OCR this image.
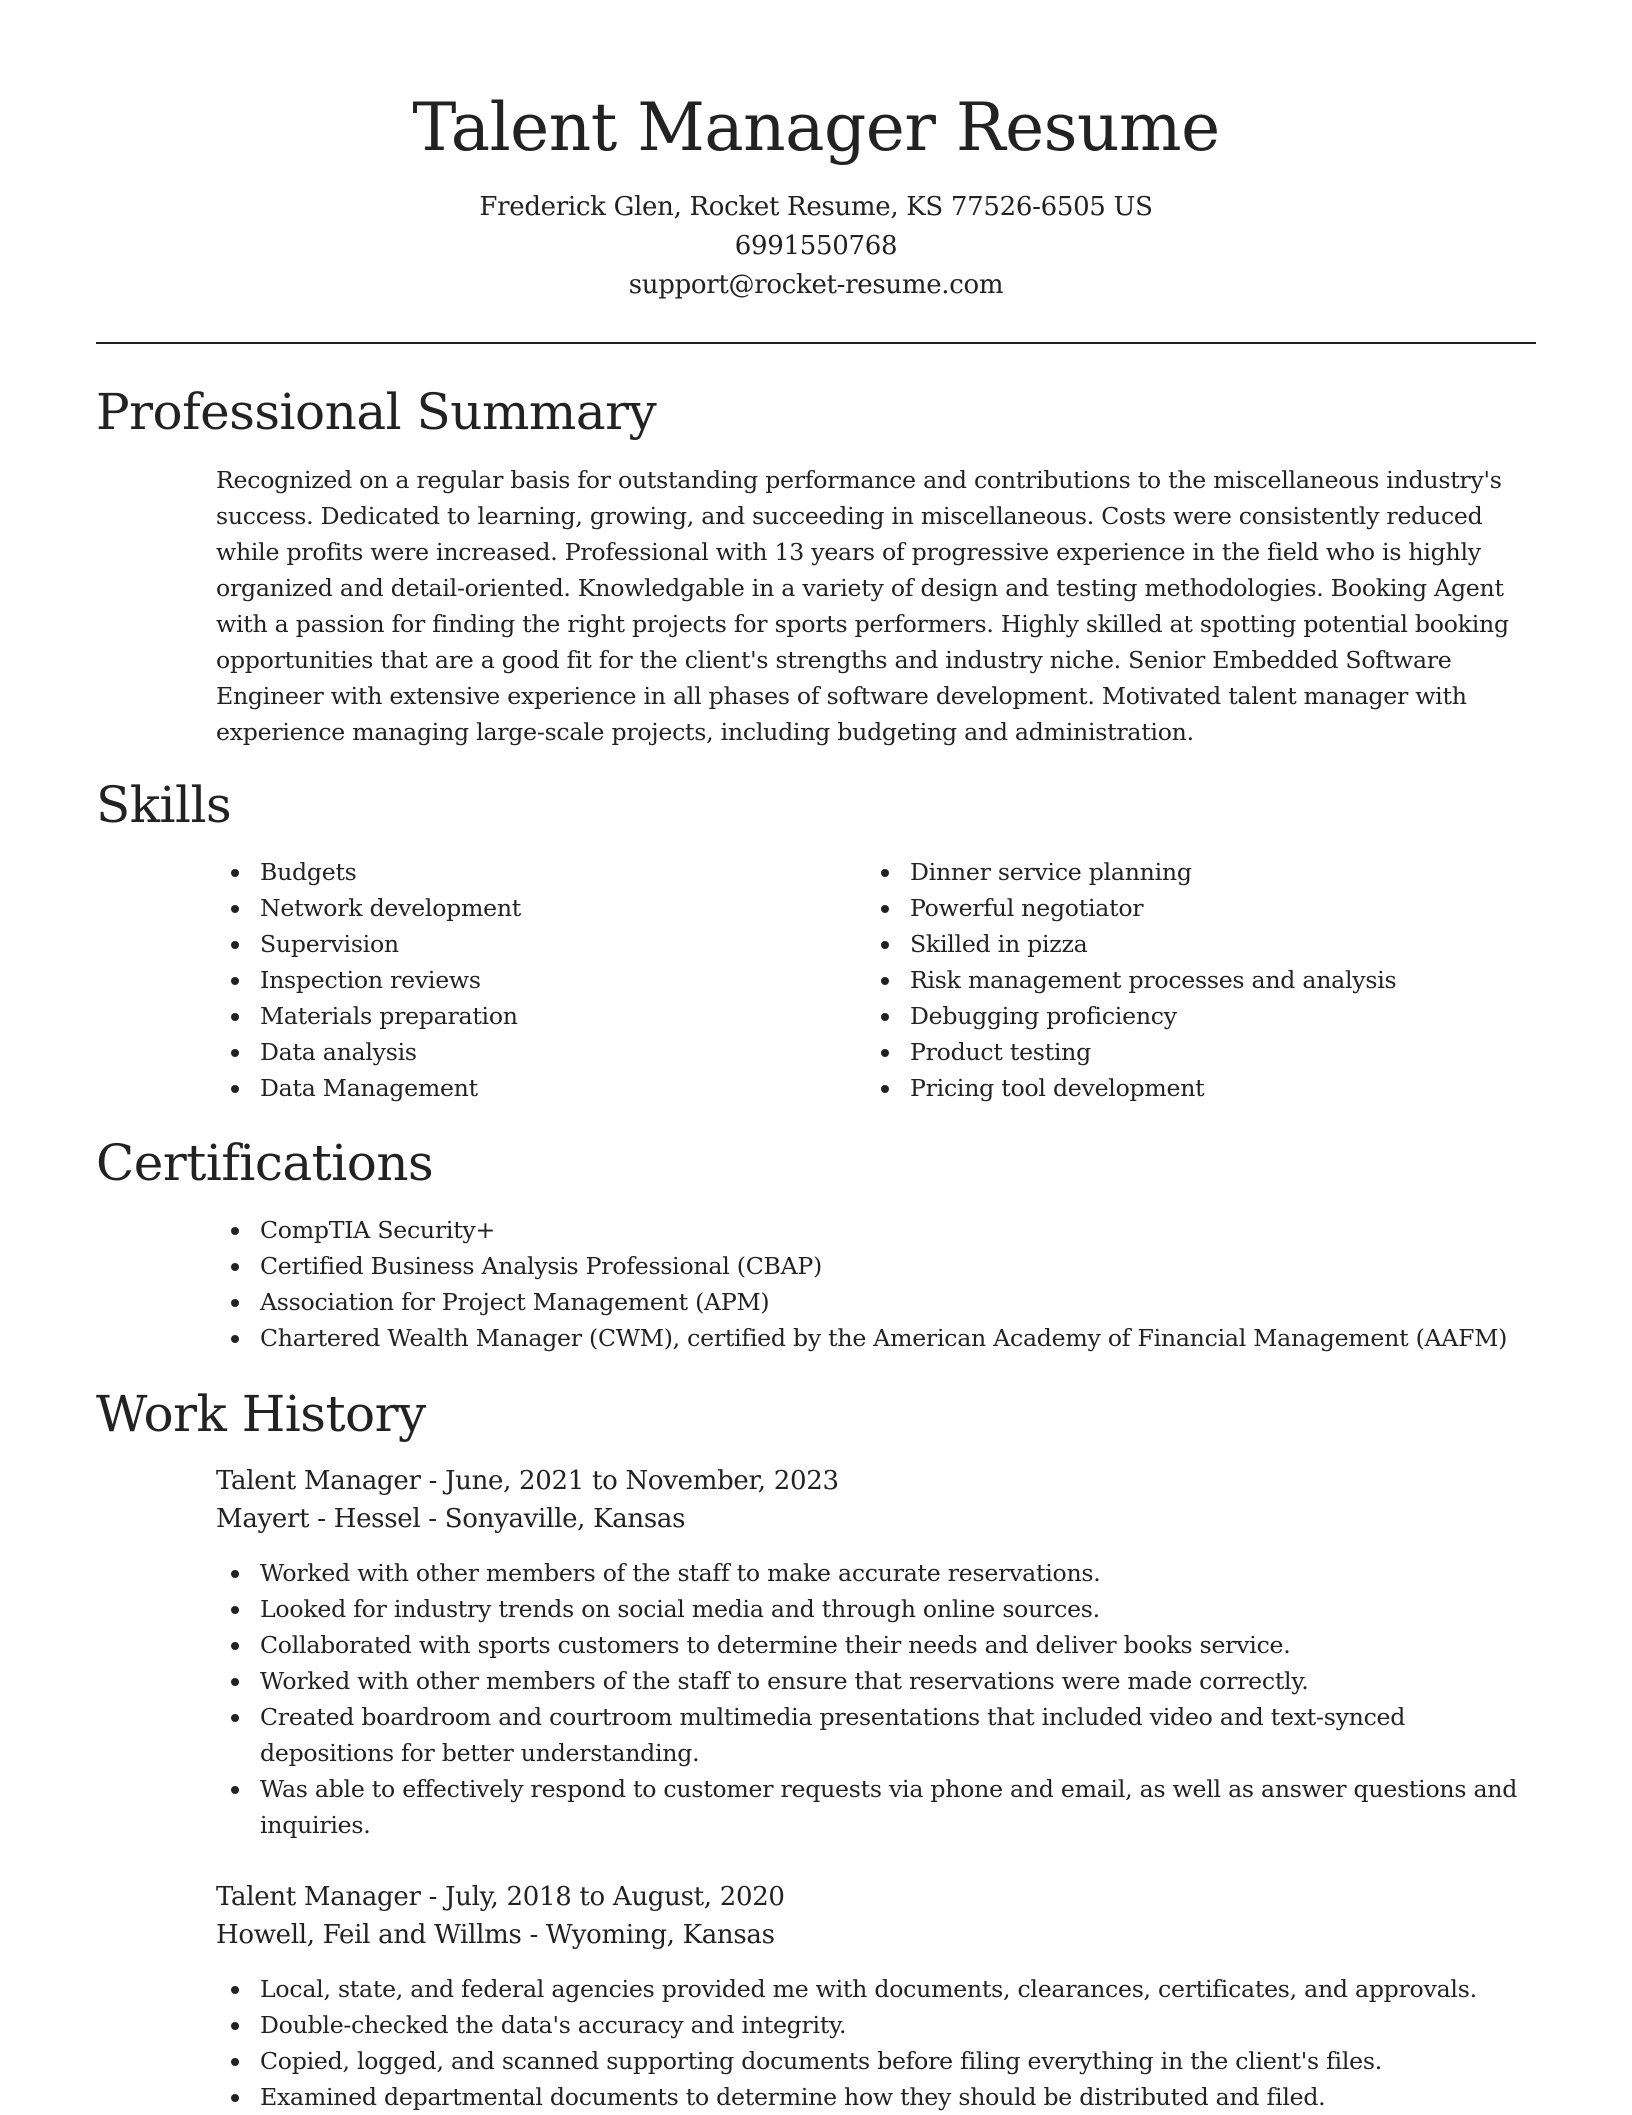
Talent Manager Resume
Frederick Glen, Rocket Resume, KS 77526-6505 US
6991550768
support@rocket-resume.com
Professional Summary

Recognized on a regular basis for outstanding performance and contributions to the miscellaneous industry's success. Dedicated to learning, growing, and succeeding in miscellaneous. Costs were consistently reduced while profits were increased. Professional with 13 years of progressive experience in the field who is highly organized and detail-oriented. Knowledgable in a variety of design and testing methodologies. Booking Agent with a passion for finding the right projects for sports performers. Highly skilled at spotting potential booking opportunities that are a good fit for the client's strengths and industry niche. Senior Embedded Software Engineer with extensive experience in all phases of software development. Motivated talent manager with experience managing large-scale projects, including budgeting and administration.

Skills
Budgets
Network development
Supervision
Inspection reviews
Materials preparation
Data analysis
Data Management
Dinner service planning
Powerful negotiator
Skilled in pizza
Risk management processes and analysis
Debugging proficiency
Product testing
Pricing tool development
Certifications
CompTIA Security+
Certified Business Analysis Professional (CBAP)
Association for Project Management (APM)
Chartered Wealth Manager (CWM), certified by the American Academy of Financial Management (AAFM)
Work History
Talent Manager - June, 2021 to November, 2023
Mayert - Hessel - Sonyaville, Kansas
Worked with other members of the staff to make accurate reservations.
Looked for industry trends on social media and through online sources.
Collaborated with sports customers to determine their needs and deliver books service.
Worked with other members of the staff to ensure that reservations were made correctly.
Created boardroom and courtroom multimedia presentations that included video and text-synced depositions for better understanding.
Was able to effectively respond to customer requests via phone and email, as well as answer questions and inquiries.
Talent Manager - July, 2018 to August, 2020
Howell, Feil and Willms - Wyoming, Kansas
Local, state, and federal agencies provided me with documents, clearances, certificates, and approvals.
Double-checked the data's accuracy and integrity.
Copied, logged, and scanned supporting documents before filing everything in the client's files.
Examined departmental documents to determine how they should be distributed and filed.
